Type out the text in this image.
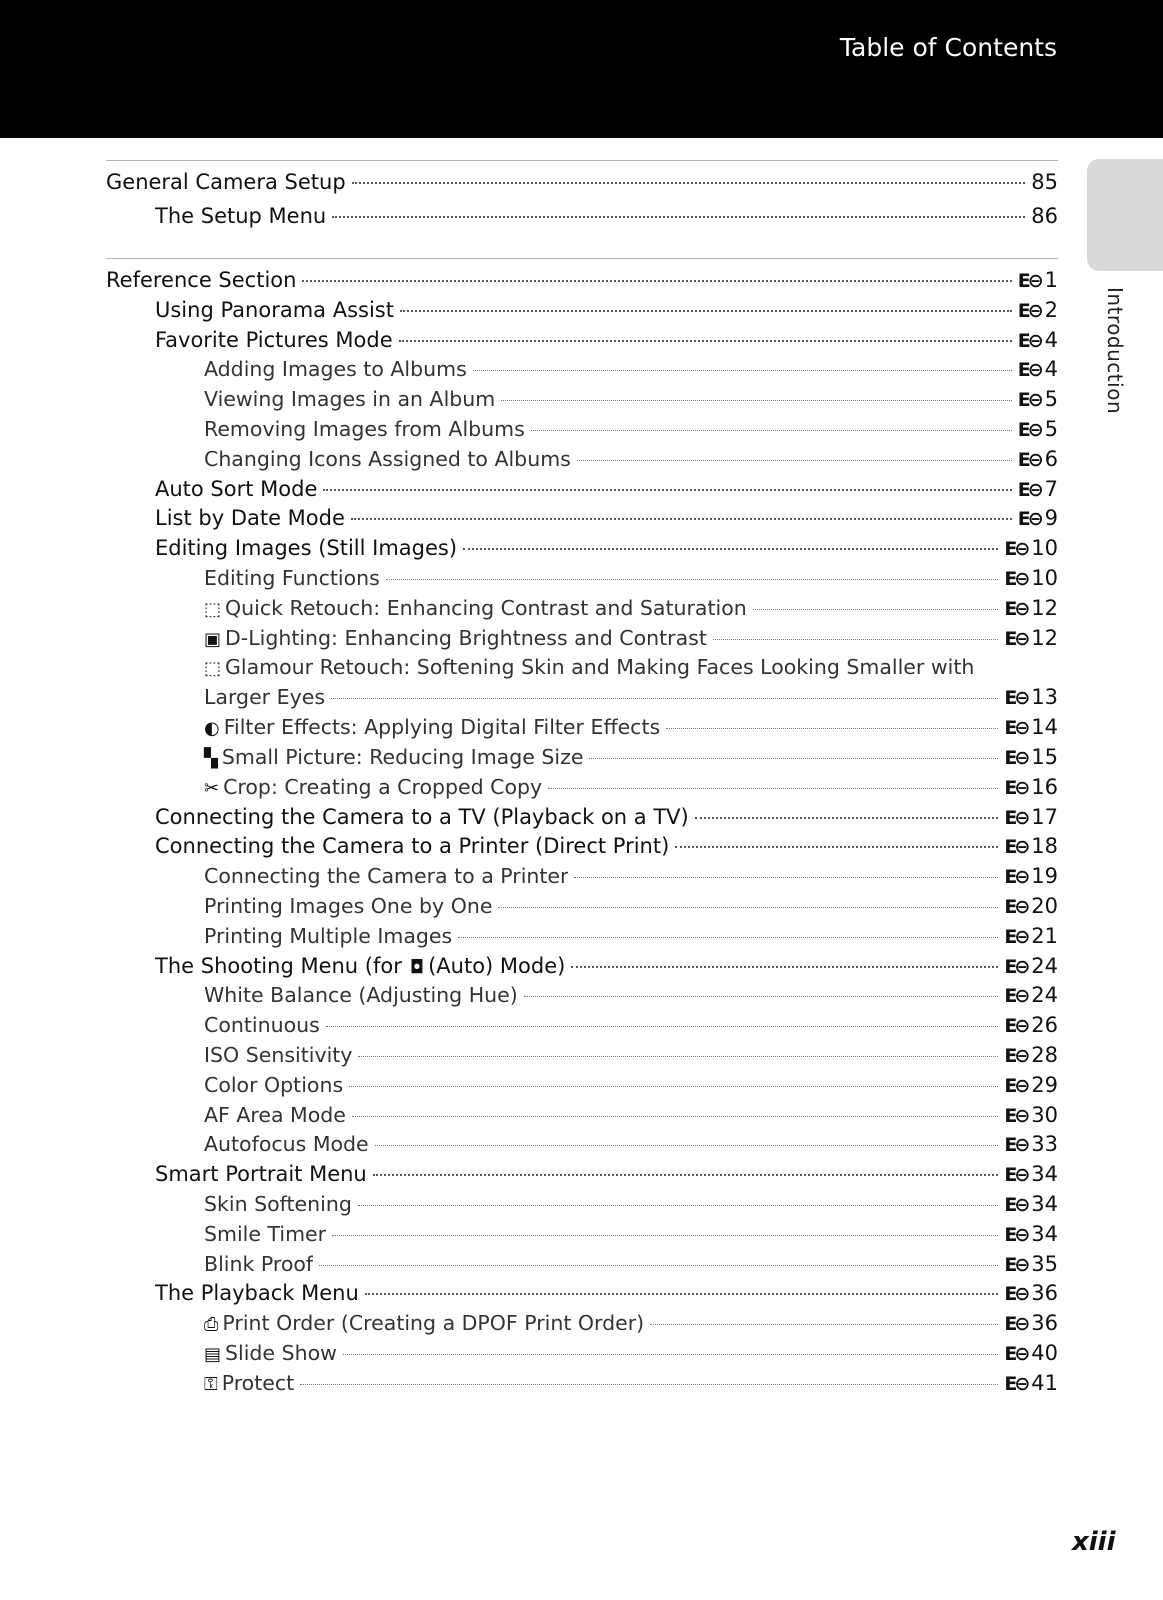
Table of Contents
Introduction
General Camera Setup	85
The Setup Menu	86
Reference Section	E⊖ 1
Using Panorama Assist	E⊖ 2
Favorite Pictures Mode	E⊖ 4
Adding Images to Albums	E⊖ 4
Viewing Images in an Album	E⊖ 5
Removing Images from Albums	E⊖ 5
Changing Icons Assigned to Albums	E⊖ 6
Auto Sort Mode	E⊖ 7
List by Date Mode	E⊖ 9
Editing Images (Still Images)	E⊖ 10
Editing Functions	E⊖ 10
⬚ Quick Retouch: Enhancing Contrast and Saturation	E⊖ 12
▣ D-Lighting: Enhancing Brightness and Contrast	E⊖ 12
⬚ Glamour Retouch: Softening Skin and Making Faces Looking Smaller with
Larger Eyes	E⊖ 13
◐ Filter Effects: Applying Digital Filter Effects	E⊖ 14
▚ Small Picture: Reducing Image Size	E⊖ 15
✂ Crop: Creating a Cropped Copy	E⊖ 16
Connecting the Camera to a TV (Playback on a TV)	E⊖ 17
Connecting the Camera to a Printer (Direct Print)	E⊖ 18
Connecting the Camera to a Printer	E⊖ 19
Printing Images One by One	E⊖ 20
Printing Multiple Images	E⊖ 21
The Shooting Menu (for ◘ (Auto) Mode)	E⊖ 24
White Balance (Adjusting Hue)	E⊖ 24
Continuous	E⊖ 26
ISO Sensitivity	E⊖ 28
Color Options	E⊖ 29
AF Area Mode	E⊖ 30
Autofocus Mode	E⊖ 33
Smart Portrait Menu	E⊖ 34
Skin Softening	E⊖ 34
Smile Timer	E⊖ 34
Blink Proof	E⊖ 35
The Playback Menu	E⊖ 36
⎙ Print Order (Creating a DPOF Print Order)	E⊖ 36
▤ Slide Show	E⊖ 40
⚿ Protect	E⊖ 41
xiii
